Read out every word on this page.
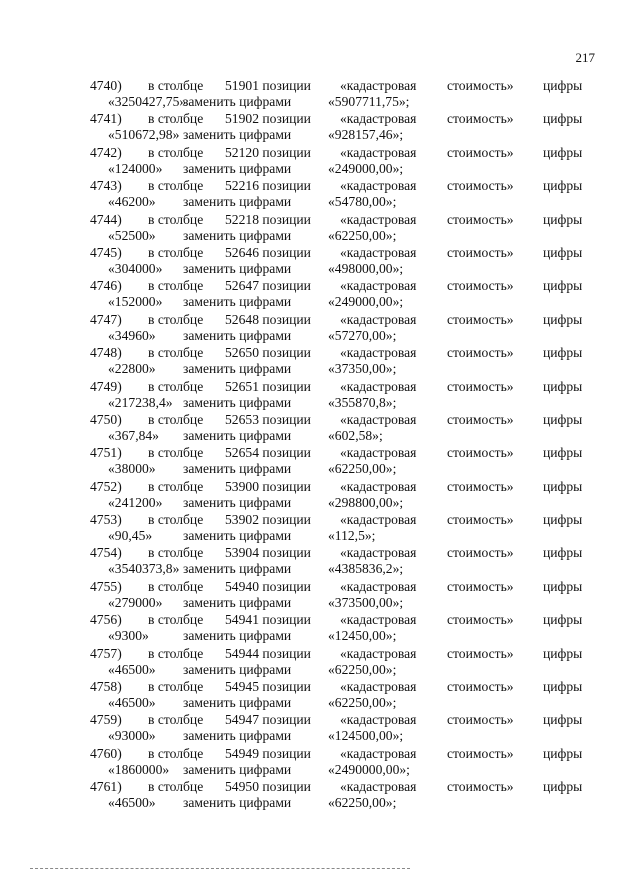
217
4740) в столбце 51901 позиции «кадастровая стоимость» цифры
«3250427,75»
заменить цифрами	«5907711,75»;
4741) в столбце 51902 позиции «кадастровая стоимость» цифры
«510672,98» заменить цифрами	«928157,46»;
4742) в столбце 52120 позиции «кадастровая стоимость» цифры
«124000» заменить цифрами	«249000,00»;
4743) в столбце 52216 позиции «кадастровая стоимость» цифры
«46200» заменить цифрами	«54780,00»;
4744) в столбце 52218 позиции «кадастровая стоимость» цифры
«52500» заменить цифрами	«62250,00»;
4745) в столбце 52646 позиции «кадастровая стоимость» цифры
«304000» заменить цифрами	«498000,00»;
4746) в столбце 52647 позиции «кадастровая стоимость» цифры
«152000» заменить цифрами	«249000,00»;
4747) в столбце 52648 позиции «кадастровая стоимость» цифры
«34960» заменить цифрами	«57270,00»;
4748) в столбце 52650 позиции «кадастровая стоимость» цифры
«22800» заменить цифрами	«37350,00»;
4749) в столбце 52651 позиции «кадастровая стоимость» цифры
«217238,4» заменить цифрами	«355870,8»;
4750) в столбце 52653 позиции «кадастровая стоимость» цифры
«367,84» заменить цифрами	«602,58»;
4751) в столбце 52654 позиции «кадастровая стоимость» цифры
«38000» заменить цифрами	«62250,00»;
4752) в столбце 53900 позиции «кадастровая стоимость» цифры
«241200» заменить цифрами	«298800,00»;
4753) в столбце 53902 позиции «кадастровая стоимость» цифры
«90,45» заменить цифрами	«112,5»;
4754) в столбце 53904 позиции «кадастровая стоимость» цифры
«3540373,8» заменить цифрами	«4385836,2»;
4755) в столбце 54940 позиции «кадастровая стоимость» цифры
«279000» заменить цифрами	«373500,00»;
4756) в столбце 54941 позиции «кадастровая стоимость» цифры
«9300»	заменить цифрами	«12450,00»;
4757) в столбце 54944 позиции «кадастровая стоимость» цифры
«46500» заменить цифрами	«62250,00»;
4758) в столбце 54945 позиции «кадастровая стоимость» цифры
«46500» заменить цифрами	«62250,00»;
4759) в столбце 54947 позиции «кадастровая стоимость» цифры
«93000» заменить цифрами	«124500,00»;
4760) в столбце 54949 позиции «кадастровая стоимость» цифры
«1860000» заменить цифрами	«2490000,00»;
4761) в столбце 54950 позиции «кадастровая стоимость» цифры
«46500» заменить цифрами	«62250,00»;
